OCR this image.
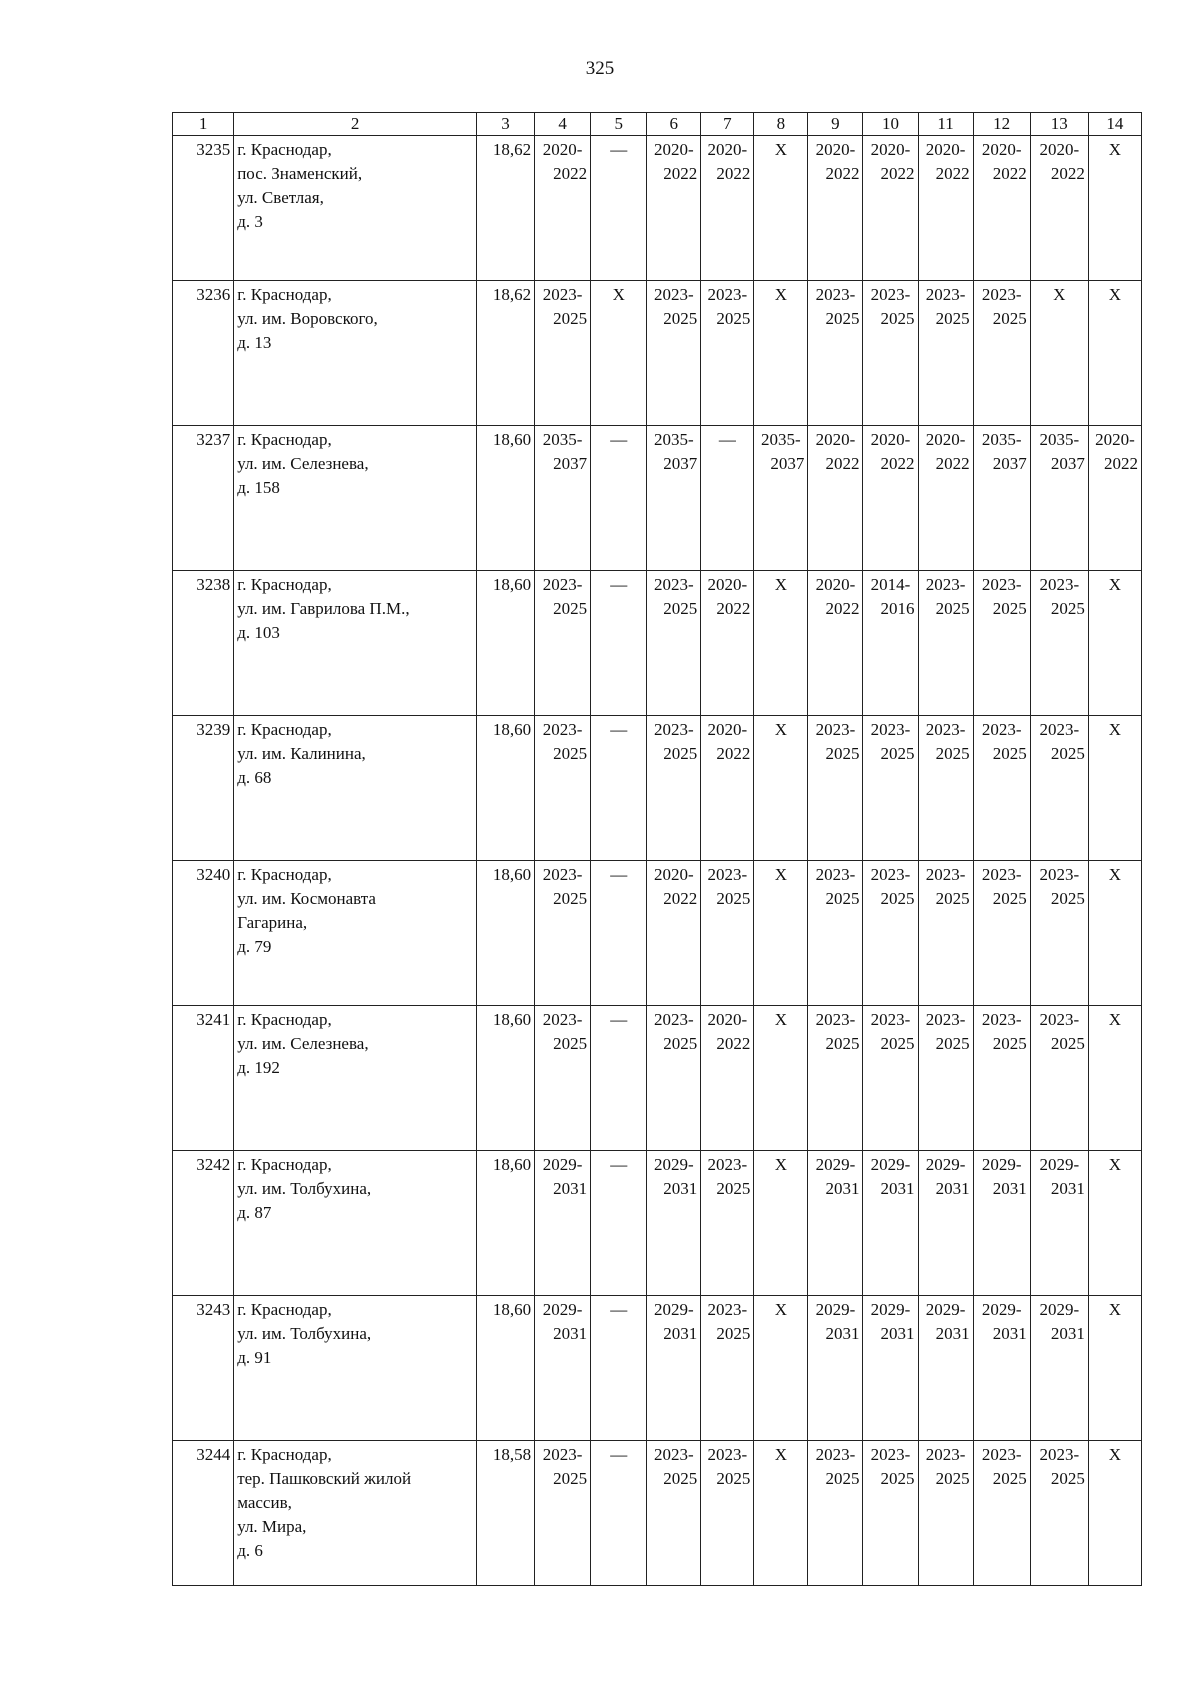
325
1	2	3	4	5	6	7	8	9	10	11	12	13	14
3235	г. Краснодар,
пос. Знаменский,
ул. Светлая,
д. 3	18,62	2020-
2022	—	2020-
2022	2020-
2022	X	2020-
2022	2020-
2022	2020-
2022	2020-
2022	2020-
2022	X

3236	г. Краснодар,
ул. им. Воровского,
д. 13	18,62	2023-
2025	X	2023-
2025	2023-
2025	X	2023-
2025	2023-
2025	2023-
2025	2023-
2025	X	X

3237	г. Краснодар,
ул. им. Селезнева,
д. 158	18,60	2035-
2037	—	2035-
2037	—	2035-
2037	2020-
2022	2020-
2022	2020-
2022	2035-
2037	2035-
2037	2020-
2022

3238	г. Краснодар,
ул. им. Гаврилова П.М.,
д. 103	18,60	2023-
2025	—	2023-
2025	2020-
2022	X	2020-
2022	2014-
2016	2023-
2025	2023-
2025	2023-
2025	X

3239	г. Краснодар,
ул. им. Калинина,
д. 68	18,60	2023-
2025	—	2023-
2025	2020-
2022	X	2023-
2025	2023-
2025	2023-
2025	2023-
2025	2023-
2025	X

3240	г. Краснодар,
ул. им. Космонавта
Гагарина,
д. 79	18,60	2023-
2025	—	2020-
2022	2023-
2025	X	2023-
2025	2023-
2025	2023-
2025	2023-
2025	2023-
2025	X

3241	г. Краснодар,
ул. им. Селезнева,
д. 192	18,60	2023-
2025	—	2023-
2025	2020-
2022	X	2023-
2025	2023-
2025	2023-
2025	2023-
2025	2023-
2025	X

3242	г. Краснодар,
ул. им. Толбухина,
д. 87	18,60	2029-
2031	—	2029-
2031	2023-
2025	X	2029-
2031	2029-
2031	2029-
2031	2029-
2031	2029-
2031	X

3243	г. Краснодар,
ул. им. Толбухина,
д. 91	18,60	2029-
2031	—	2029-
2031	2023-
2025	X	2029-
2031	2029-
2031	2029-
2031	2029-
2031	2029-
2031	X

3244	г. Краснодар,
тер. Пашковский жилой
массив,
ул. Мира,
д. 6	18,58	2023-
2025	—	2023-
2025	2023-
2025	X	2023-
2025	2023-
2025	2023-
2025	2023-
2025	2023-
2025	X
